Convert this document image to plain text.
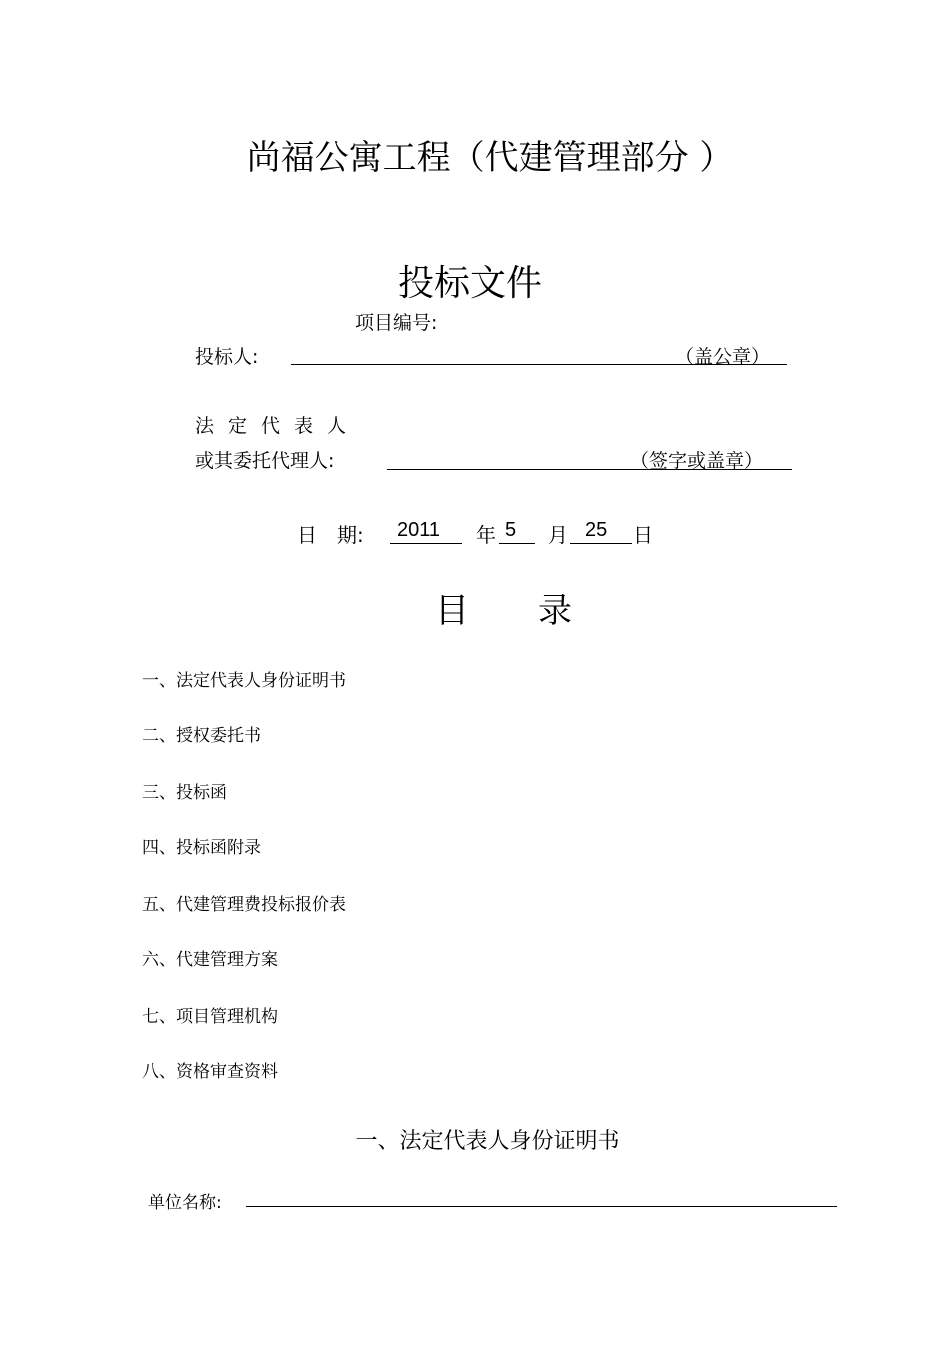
尚福公寓工程（代建管理部分 ）
投标文件
项目编号:
投标人:	（盖公章）
法定代表人
或其委托代理人:	（签字或盖章）
日　期: 2011 年 5 月 25 日
目 录
一、法定代表人身份证明书
二、授权委托书
三、投标函
四、投标函附录
五、代建管理费投标报价表
六、代建管理方案
七、项目管理机构
八、资格审查资料
一、法定代表人身份证明书
单位名称:
